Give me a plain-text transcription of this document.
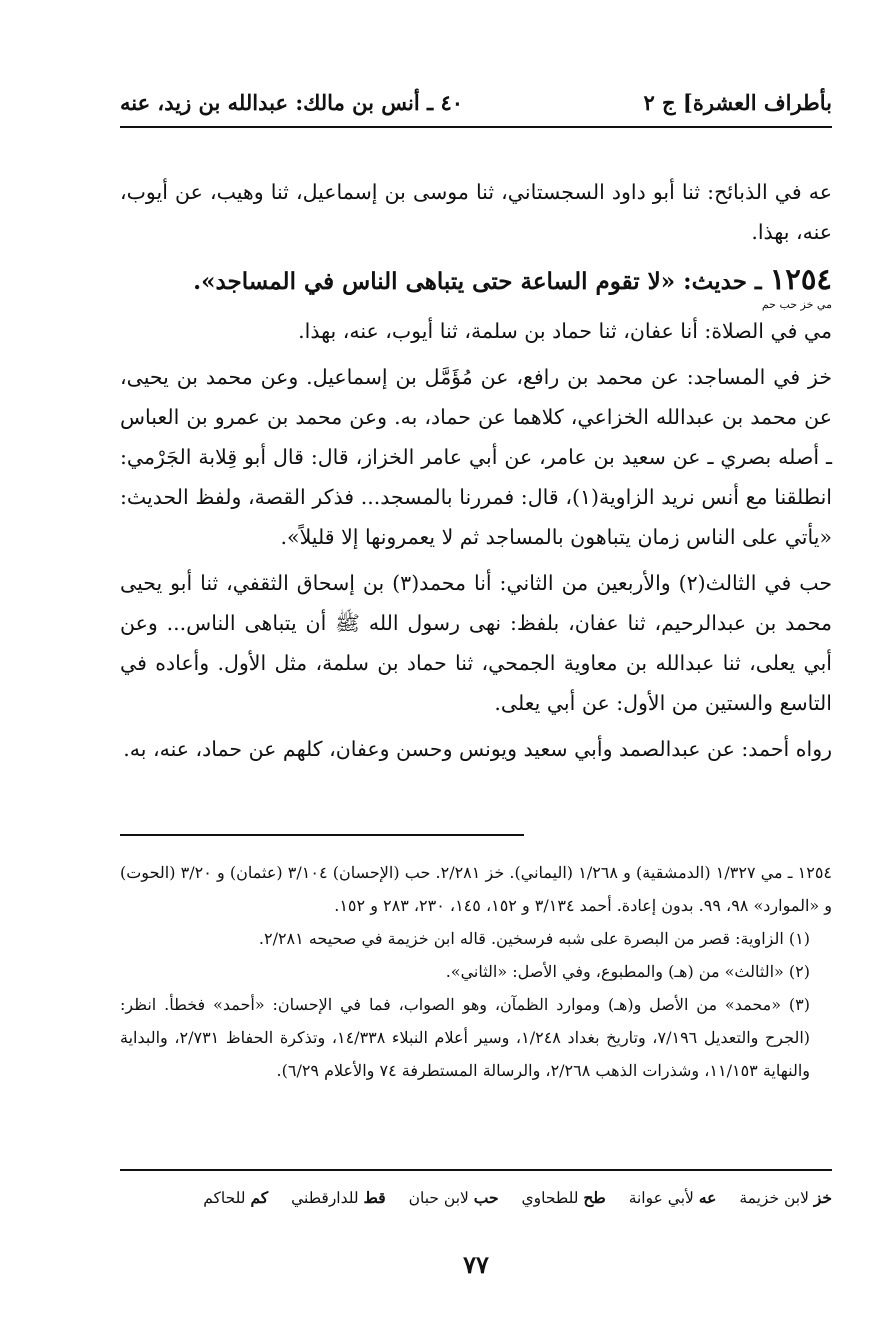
بأطراف العشرة] ج ٢
٤٠ ـ أنس بن مالك: عبدالله بن زيد، عنه

عه في الذبائح: ثنا أبو داود السجستاني، ثنا موسى بن إسماعيل، ثنا وهيب، عن أيوب، عنه، بهذا.

١٢٥٤ ـ حديث: «لا تقوم الساعة حتى يتباهى الناس في المساجد».

مي خز حب حم

مي في الصلاة: أنا عفان، ثنا حماد بن سلمة، ثنا أيوب، عنه، بهذا.

خز في المساجد: عن محمد بن رافع، عن مُؤَمَّل بن إسماعيل. وعن محمد بن يحيى، عن محمد بن عبدالله الخزاعي، كلاهما عن حماد، به. وعن محمد بن عمرو بن العباس ـ أصله بصري ـ عن سعيد بن عامر، عن أبي عامر الخزاز، قال: قال أبو قِلابة الجَرْمي: انطلقنا مع أنس نريد الزاوية(١)، قال: فمررنا بالمسجد... فذكر القصة، ولفظ الحديث: «يأتي على الناس زمان يتباهون بالمساجد ثم لا يعمرونها إلا قليلاً».

حب في الثالث(٢) والأربعين من الثاني: أنا محمد(٣) بن إسحاق الثقفي، ثنا أبو يحيى محمد بن عبدالرحيم، ثنا عفان، بلفظ: نهى رسول الله ﷺ أن يتباهى الناس... وعن أبي يعلى، ثنا عبدالله بن معاوية الجمحي، ثنا حماد بن سلمة، مثل الأول. وأعاده في التاسع والستين من الأول: عن أبي يعلى.

رواه أحمد: عن عبدالصمد وأبي سعيد ويونس وحسن وعفان، كلهم عن حماد، عنه، به.

١٢٥٤ ـ مي ١/٣٢٧ (الدمشقية) و ١/٢٦٨ (اليماني). خز ٢/٢٨١. حب (الإحسان) ٣/١٠٤ (عثمان) و ٣/٢٠ (الحوت) و «الموارد» ٩٨، ٩٩. بدون إعادة. أحمد ٣/١٣٤ و ١٥٢، ١٤٥، ٢٣٠، ٢٨٣ و ١٥٢.

(١) الزاوية: قصر من البصرة على شبه فرسخين. قاله ابن خزيمة في صحيحه ٢/٢٨١.

(٢) «الثالث» من (هـ) والمطبوع، وفي الأصل: «الثاني».

(٣) «محمد» من الأصل و(هـ) وموارد الظمآن، وهو الصواب، فما في الإحسان: «أحمد» فخطأ. انظر: (الجرح والتعديل ٧/١٩٦، وتاريخ بغداد ١/٢٤٨، وسير أعلام النبلاء ١٤/٣٣٨، وتذكرة الحفاظ ٢/٧٣١، والبداية والنهاية ١١/١٥٣، وشذرات الذهب ٢/٢٦٨، والرسالة المستطرفة ٧٤ والأعلام ٦/٢٩).

خز لابن خزيمة عه لأبي عوانة طح للطحاوي حب لابن حبان قط للدارقطني كم للحاكم
٧٧
